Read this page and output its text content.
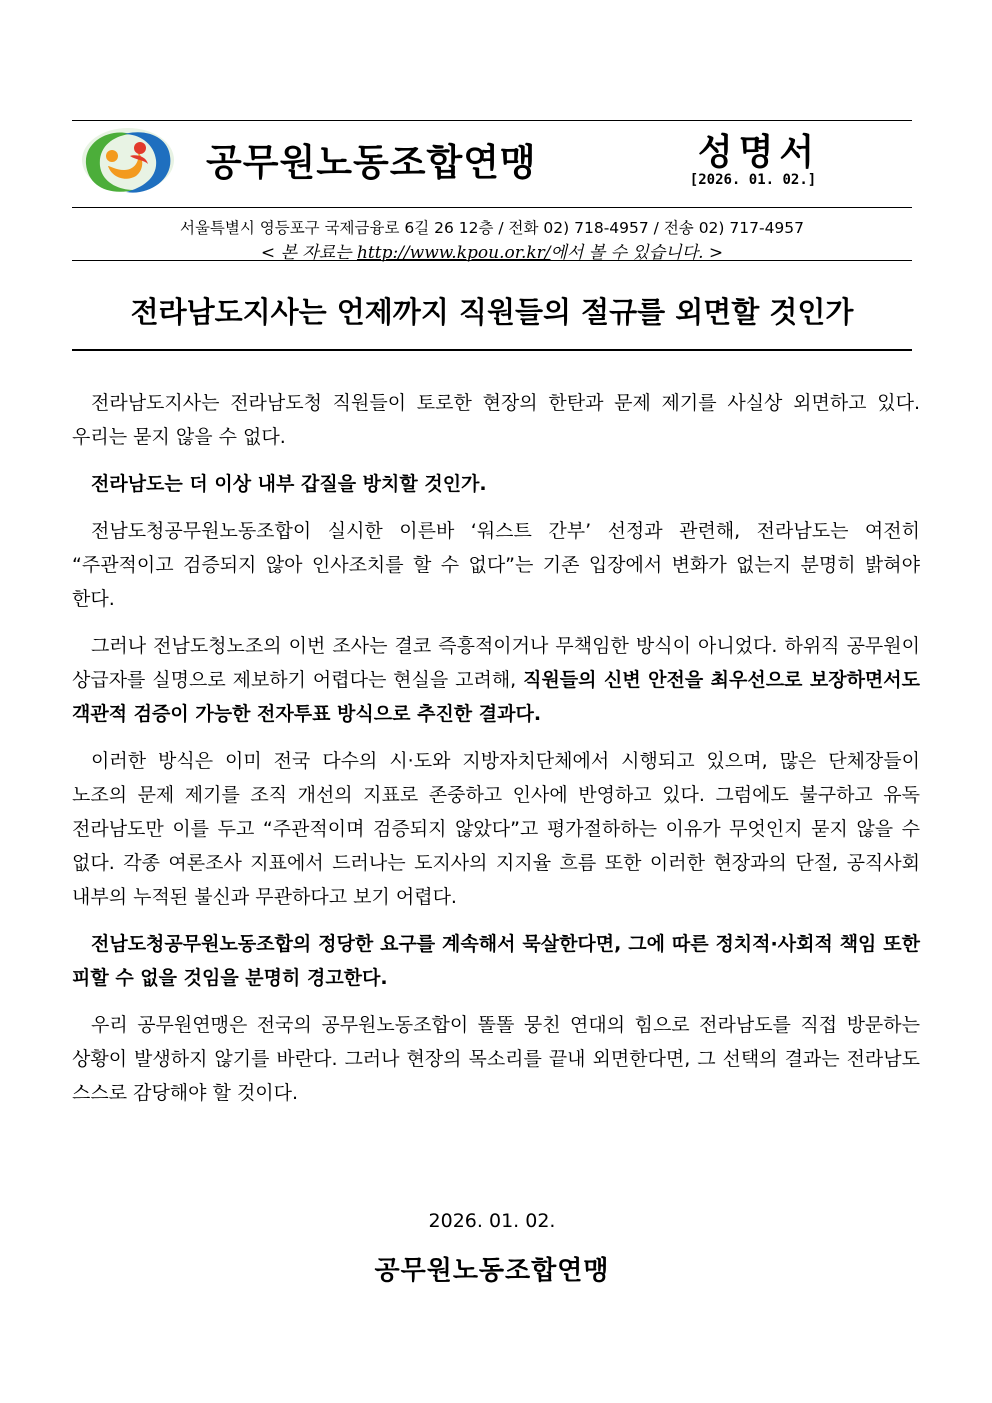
공무원노동조합연맹	성명서
[2026. 01. 02.]
서울특별시 영등포구 국제금융로 6길 26 12층 / 전화 02) 718-4957 / 전송 02) 717-4957
< 본 자료는 http://www.kpou.or.kr/에서 볼 수 있습니다. >
전라남도지사는 언제까지 직원들의 절규를 외면할 것인가

전라남도지사는 전라남도청 직원들이 토로한 현장의 한탄과 문제 제기를 사실상 외면하고 있다. 우리는 묻지 않을 수 없다.

전라남도는 더 이상 내부 갑질을 방치할 것인가.

전남도청공무원노동조합이 실시한 이른바 ‘워스트 간부’ 선정과 관련해, 전라남도는 여전히 “주관적이고 검증되지 않아 인사조치를 할 수 없다”는 기존 입장에서 변화가 없는지 분명히 밝혀야 한다.

그러나 전남도청노조의 이번 조사는 결코 즉흥적이거나 무책임한 방식이 아니었다. 하위직 공무원이 상급자를 실명으로 제보하기 어렵다는 현실을 고려해, 직원들의 신변 안전을 최우선으로 보장하면서도 객관적 검증이 가능한 전자투표 방식으로 추진한 결과다.

이러한 방식은 이미 전국 다수의 시·도와 지방자치단체에서 시행되고 있으며, 많은 단체장들이 노조의 문제 제기를 조직 개선의 지표로 존중하고 인사에 반영하고 있다. 그럼에도 불구하고 유독 전라남도만 이를 두고 “주관적이며 검증되지 않았다”고 평가절하하는 이유가 무엇인지 묻지 않을 수 없다. 각종 여론조사 지표에서 드러나는 도지사의 지지율 흐름 또한 이러한 현장과의 단절, 공직사회 내부의 누적된 불신과 무관하다고 보기 어렵다.

전남도청공무원노동조합의 정당한 요구를 계속해서 묵살한다면, 그에 따른 정치적·사회적 책임 또한 피할 수 없을 것임을 분명히 경고한다.

우리 공무원연맹은 전국의 공무원노동조합이 똘똘 뭉친 연대의 힘으로 전라남도를 직접 방문하는 상황이 발생하지 않기를 바란다. 그러나 현장의 목소리를 끝내 외면한다면, 그 선택의 결과는 전라남도 스스로 감당해야 할 것이다.

2026. 01. 02.
공무원노동조합연맹
